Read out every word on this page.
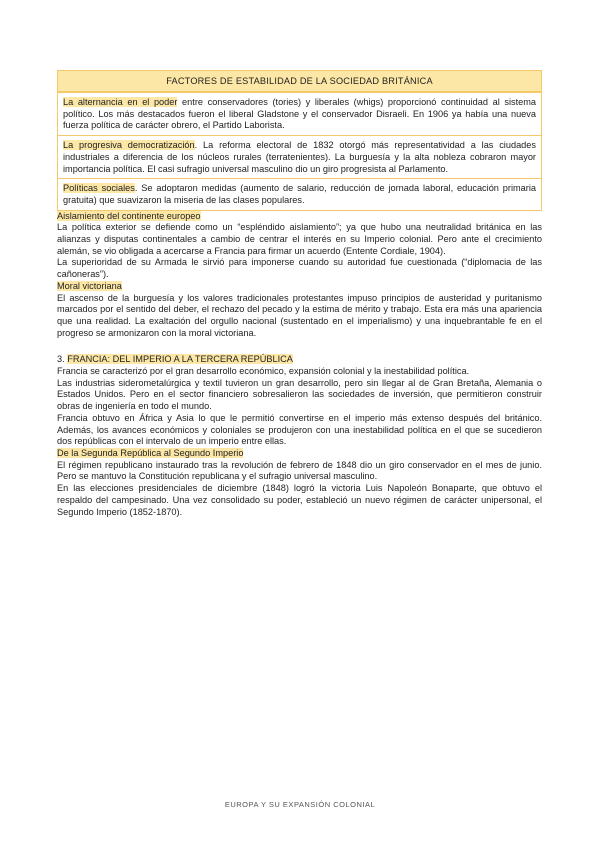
FACTORES DE ESTABILIDAD DE LA SOCIEDAD BRITÁNICA
La alternancia en el poder entre conservadores (tories) y liberales (whigs) proporcionó continuidad al sistema político. Los más destacados fueron el liberal Gladstone y el conservador Disraeli. En 1906 ya había una nueva fuerza política de carácter obrero, el Partido Laborista.
La progresiva democratización. La reforma electoral de 1832 otorgó más representatividad a las ciudades industriales a diferencia de los núcleos rurales (terratenientes). La burguesía y la alta nobleza cobraron mayor importancia política. El casi sufragio universal masculino dio un giro progresista al Parlamento.
Políticas sociales. Se adoptaron medidas (aumento de salario, reducción de jornada laboral, educación primaria gratuita) que suavizaron la miseria de las clases populares.
Aislamiento del continente europeo

La política exterior se defiende como un “espléndido aislamiento”; ya que hubo una neutralidad británica en las alianzas y disputas continentales a cambio de centrar el interés en su Imperio colonial. Pero ante el crecimiento alemán, se vio obligada a acercarse a Francia para firmar un acuerdo (Entente Cordiale, 1904).

La superioridad de su Armada le sirvió para imponerse cuando su autoridad fue cuestionada (“diplomacia de las cañoneras”).

Moral victoriana

El ascenso de la burguesía y los valores tradicionales protestantes impuso principios de austeridad y puritanismo marcados por el sentido del deber, el rechazo del pecado y la estima de mérito y trabajo. Esta era más una apariencia que una realidad. La exaltación del orgullo nacional (sustentado en el imperialismo) y una inquebrantable fe en el progreso se armonizaron con la moral victoriana.

3. FRANCIA: DEL IMPERIO A LA TERCERA REPÚBLICA

Francia se caracterizó por el gran desarrollo económico, expansión colonial y la inestabilidad política.

Las industrias siderometalúrgica y textil tuvieron un gran desarrollo, pero sin llegar al de Gran Bretaña, Alemania o Estados Unidos. Pero en el sector financiero sobresalieron las sociedades de inversión, que permitieron construir obras de ingeniería en todo el mundo.

Francia obtuvo en África y Asia lo que le permitió convertirse en el imperio más extenso después del británico. Además, los avances económicos y coloniales se produjeron con una inestabilidad política en el que se sucedieron dos repúblicas con el intervalo de un imperio entre ellas.

De la Segunda República al Segundo Imperio

El régimen republicano instaurado tras la revolución de febrero de 1848 dio un giro conservador en el mes de junio. Pero se mantuvo la Constitución republicana y el sufragio universal masculino.

En las elecciones presidenciales de diciembre (1848) logró la victoria Luis Napoleón Bonaparte, que obtuvo el respaldo del campesinado. Una vez consolidado su poder, estableció un nuevo régimen de carácter unipersonal, el Segundo Imperio (1852-1870).

EUROPA Y SU EXPANSIÓN COLONIAL
